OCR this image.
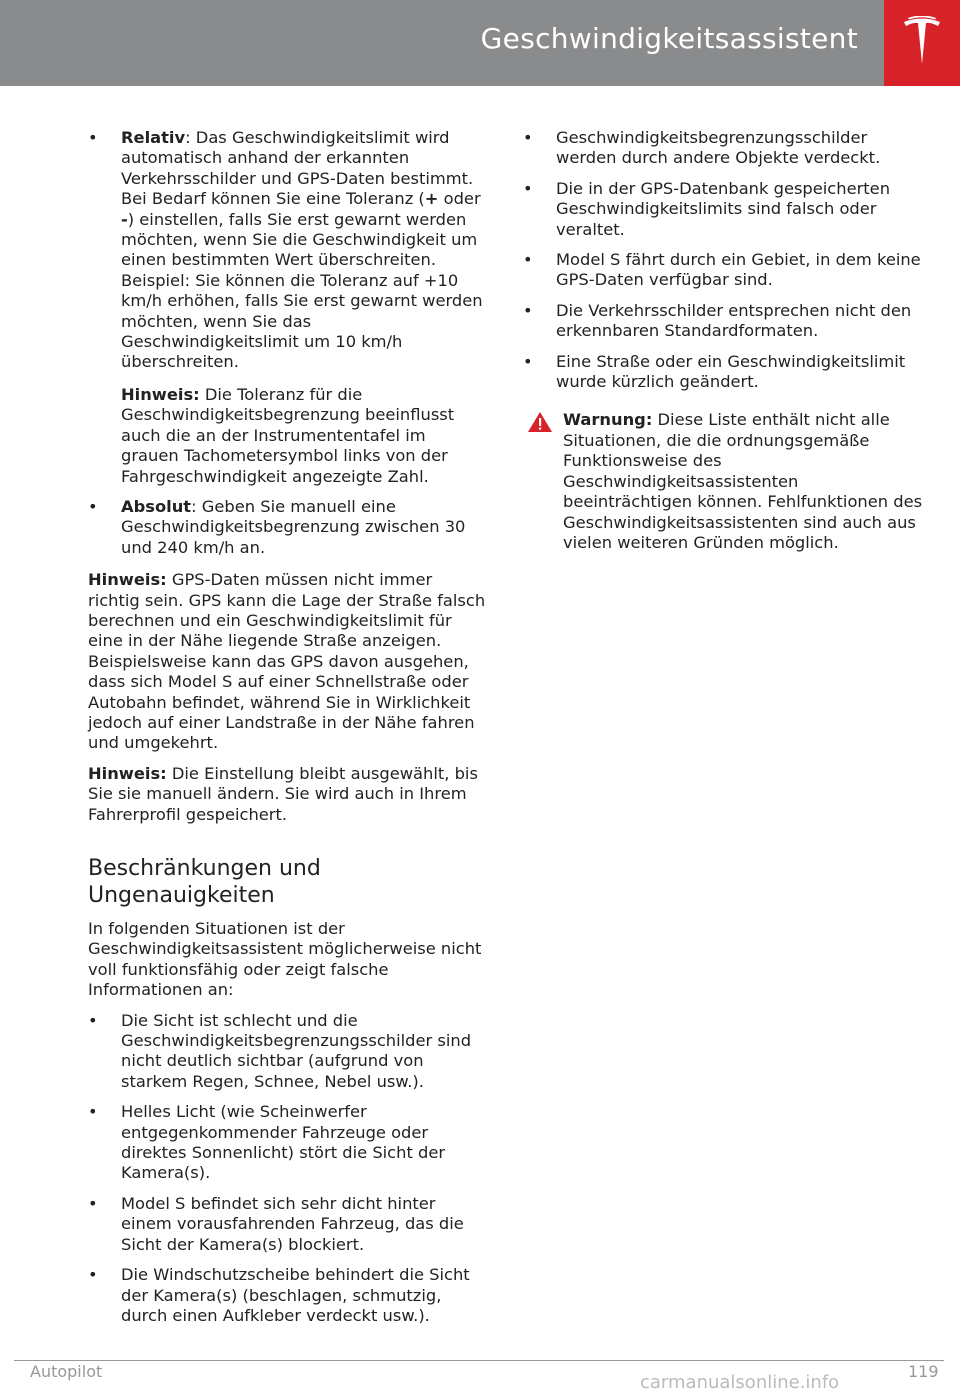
Geschwindigkeitsassistent
• Relativ: Das Geschwindigkeitslimit wird automatisch anhand der erkannten Verkehrsschilder und GPS-Daten bestimmt. Bei Bedarf können Sie eine Toleranz (+ oder -) einstellen, falls Sie erst gewarnt werden möchten, wenn Sie die Geschwindigkeit um einen bestimmten Wert überschreiten. Beispiel: Sie können die Toleranz auf +10 km/h erhöhen, falls Sie erst gewarnt werden möchten, wenn Sie das Geschwindigkeitslimit um 10 km/h überschreiten.
Hinweis: Die Toleranz für die Geschwindigkeitsbegrenzung beeinflusst auch die an der Instrumententafel im grauen Tachometersymbol links von der Fahrgeschwindigkeit angezeigte Zahl.
• Absolut: Geben Sie manuell eine Geschwindigkeitsbegrenzung zwischen 30 und 240 km/h an.

Hinweis: GPS-Daten müssen nicht immer richtig sein. GPS kann die Lage der Straße falsch berechnen und ein Geschwindigkeitslimit für eine in der Nähe liegende Straße anzeigen. Beispielsweise kann das GPS davon ausgehen, dass sich Model S auf einer Schnellstraße oder Autobahn befindet, während Sie in Wirklichkeit jedoch auf einer Landstraße in der Nähe fahren und umgekehrt.

Hinweis: Die Einstellung bleibt ausgewählt, bis Sie sie manuell ändern. Sie wird auch in Ihrem Fahrerprofil gespeichert.

Beschränkungen und Ungenauigkeiten

In folgenden Situationen ist der Geschwindigkeitsassistent möglicherweise nicht voll funktionsfähig oder zeigt falsche Informationen an:

• Die Sicht ist schlecht und die Geschwindigkeitsbegrenzungsschilder sind nicht deutlich sichtbar (aufgrund von starkem Regen, Schnee, Nebel usw.).
• Helles Licht (wie Scheinwerfer entgegenkommender Fahrzeuge oder direktes Sonnenlicht) stört die Sicht der Kamera(s).
• Model S befindet sich sehr dicht hinter einem vorausfahrenden Fahrzeug, das die Sicht der Kamera(s) blockiert.
• Die Windschutzscheibe behindert die Sicht der Kamera(s) (beschlagen, schmutzig, durch einen Aufkleber verdeckt usw.).
• Geschwindigkeitsbegrenzungsschilder werden durch andere Objekte verdeckt.
• Die in der GPS-Datenbank gespeicherten Geschwindigkeitslimits sind falsch oder veraltet.
• Model S fährt durch ein Gebiet, in dem keine GPS-Daten verfügbar sind.
• Die Verkehrsschilder entsprechen nicht den erkennbaren Standardformaten.
• Eine Straße oder ein Geschwindigkeitslimit wurde kürzlich geändert.
Warnung: Diese Liste enthält nicht alle Situationen, die die ordnungsgemäße Funktionsweise des Geschwindigkeitsassistenten beeinträchtigen können. Fehlfunktionen des Geschwindigkeitsassistenten sind auch aus vielen weiteren Gründen möglich.
Autopilot	119
carmanualsonline.info
